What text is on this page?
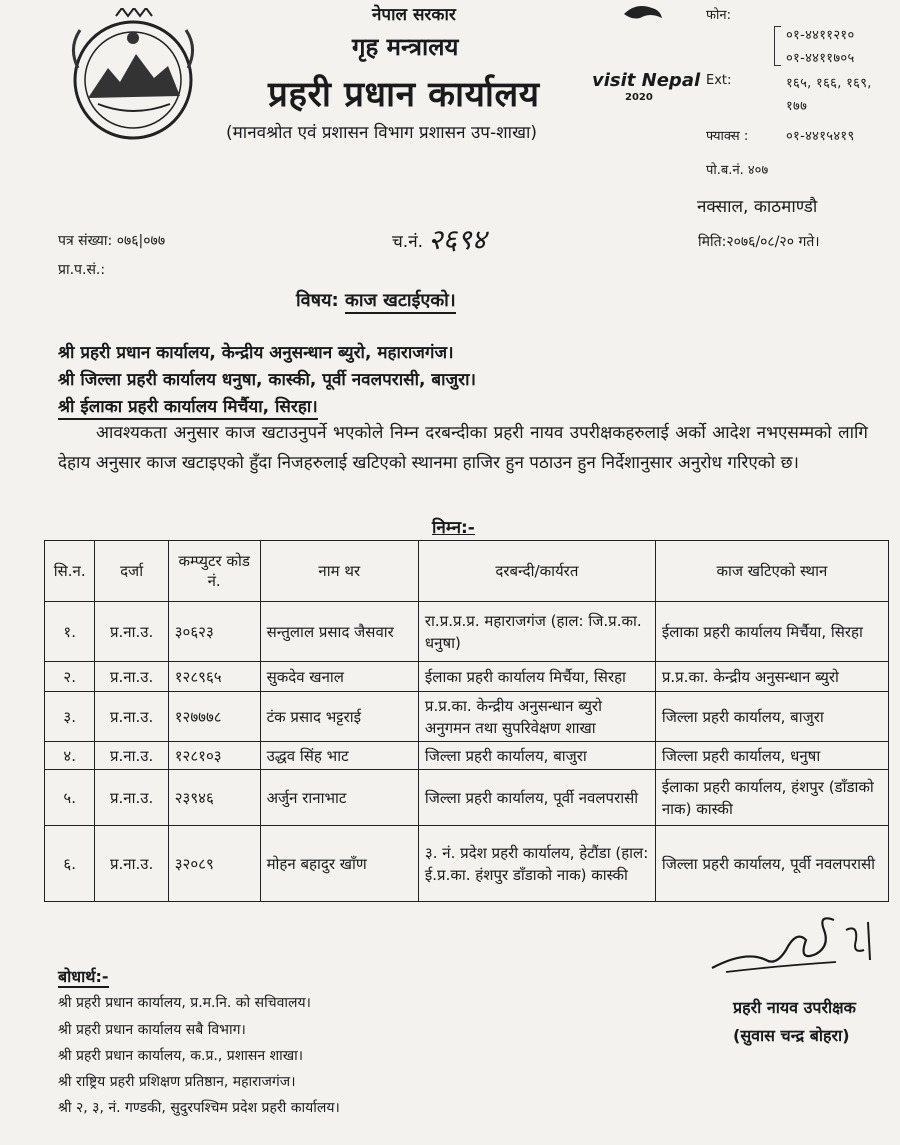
नेपाल सरकार
गृह मन्त्रालय
प्रहरी प्रधान कार्यालय
(मानवश्रोत एवं प्रशासन विभाग प्रशासन उप-शाखा)
visit Nepal
2020
फोन:
०१-४४११२१०
०१-४४११७०५
Ext:	१६५, १६६, १६९,
१७७
फ्याक्स :	०१-४४१५४१९
पो.ब.नं. ४०७
नक्साल, काठमाण्डौ
पत्र संख्या: ०७६|०७७	च.नं. २६९४	मिति:२०७६/०८/२० गते।
प्रा.प.सं.:
विषय: काज खटाईएको।
श्री प्रहरी प्रधान कार्यालय, केन्द्रीय अनुसन्धान ब्युरो, महाराजगंज।
श्री जिल्ला प्रहरी कार्यालय धनुषा, कास्की, पूर्वी नवलपरासी, बाजुरा।
श्री ईलाका प्रहरी कार्यालय मिर्चैया, सिरहा।
आवश्यकता अनुसार काज खटाउनुपर्ने भएकोले निम्न दरबन्दीका प्रहरी नायव उपरीक्षकहरुलाई अर्को आदेश नभएसम्मको लागि देहाय अनुसार काज खटाइएको हुँदा निजहरुलाई खटिएको स्थानमा हाजिर हुन पठाउन हुन निर्देशानुसार अनुरोध गरिएको छ।
निम्न:-
सि.न.	दर्जा	कम्प्युटर कोड नं.	नाम थर	दरबन्दी/कार्यरत	काज खटिएको स्थान
१.	प्र.ना.उ.	३०६२३	सन्तुलाल प्रसाद जैसवार	रा.प्र.प्र.प्र. महाराजगंज (हाल: जि.प्र.का. धनुषा)	ईलाका प्रहरी कार्यालय मिर्चैया, सिरहा
२.	प्र.ना.उ.	१२८९६५	सुकदेव खनाल	ईलाका प्रहरी कार्यालय मिर्चैया, सिरहा	प्र.प्र.का. केन्द्रीय अनुसन्धान ब्युरो
३.	प्र.ना.उ.	१२७७७८	टंक प्रसाद भट्टराई	प्र.प्र.का. केन्द्रीय अनुसन्धान ब्युरो अनुगमन तथा सुपरिवेक्षण शाखा	जिल्ला प्रहरी कार्यालय, बाजुरा
४.	प्र.ना.उ.	१२८१०३	उद्धव सिंह भाट	जिल्ला प्रहरी कार्यालय, बाजुरा	जिल्ला प्रहरी कार्यालय, धनुषा
५.	प्र.ना.उ.	२३९४६	अर्जुन रानाभाट	जिल्ला प्रहरी कार्यालय, पूर्वी नवलपरासी	ईलाका प्रहरी कार्यालय, हंशपुर (डाँडाको नाक) कास्की
६.	प्र.ना.उ.	३२०८९	मोहन बहादुर खाँण	३. नं. प्रदेश प्रहरी कार्यालय, हेटौंडा (हाल: ई.प्र.का. हंशपुर डाँडाको नाक) कास्की	जिल्ला प्रहरी कार्यालय, पूर्वी नवलपरासी
बोधार्थ:-
श्री प्रहरी प्रधान कार्यालय, प्र.म.नि. को सचिवालय।
श्री प्रहरी प्रधान कार्यालय सबै विभाग।
श्री प्रहरी प्रधान कार्यालय, क.प्र., प्रशासन शाखा।
श्री राष्ट्रिय प्रहरी प्रशिक्षण प्रतिष्ठान, महाराजगंज।
श्री २, ३, नं. गण्डकी, सुदुरपश्चिम प्रदेश प्रहरी कार्यालय।
प्रहरी नायव उपरीक्षक
(सुवास चन्द्र बोहरा)
